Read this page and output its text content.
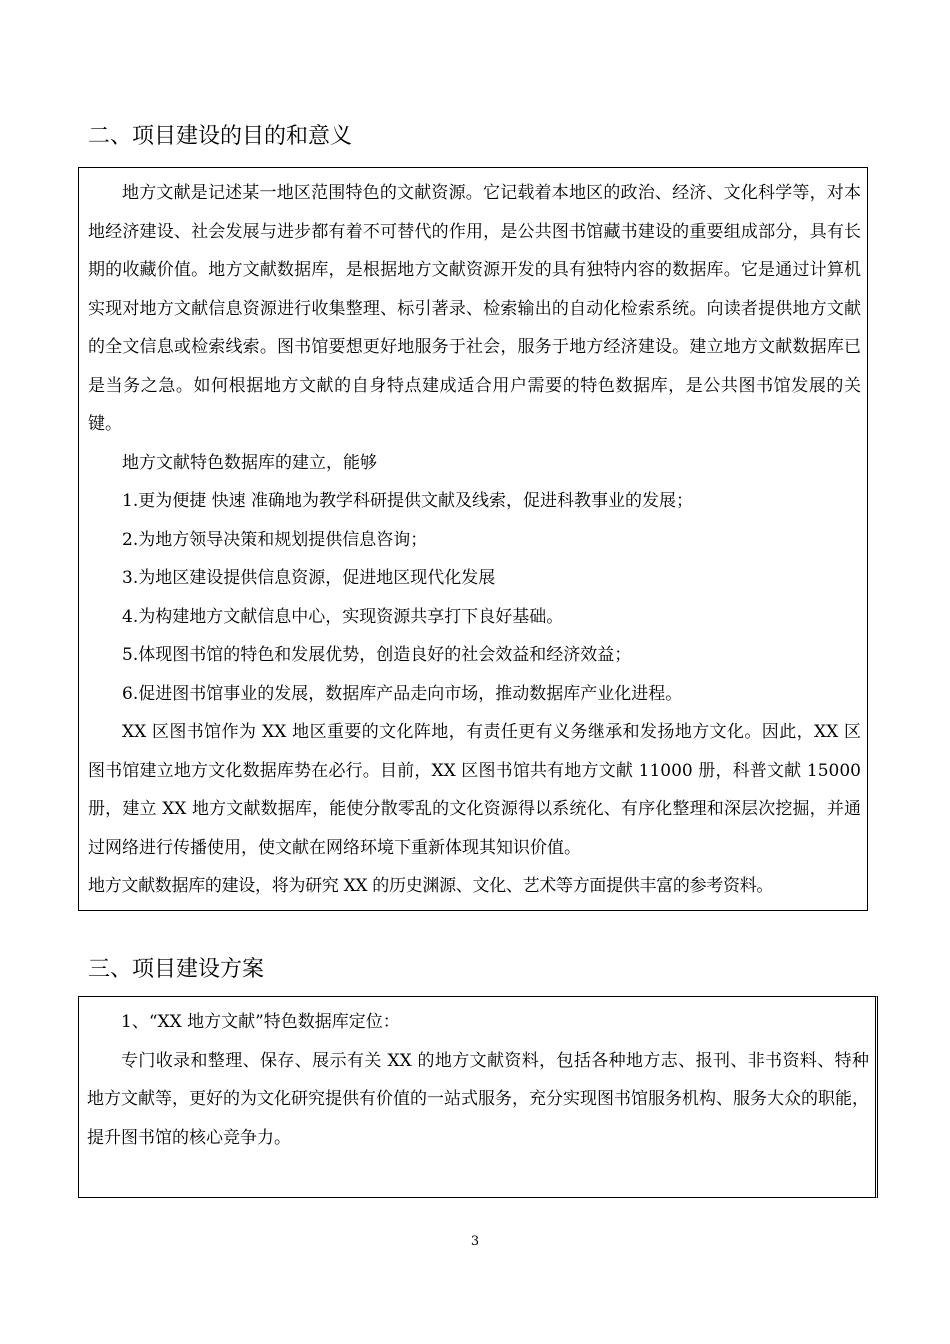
二、项目建设的目的和意义

地方文献是记述某一地区范围特色的文献资源。它记载着本地区的政治、经济、文化科学等，对本地经济建设、社会发展与进步都有着不可替代的作用，是公共图书馆藏书建设的重要组成部分，具有长期的收藏价值。地方文献数据库，是根据地方文献资源开发的具有独特内容的数据库。它是通过计算机实现对地方文献信息资源进行收集整理、标引著录、检索输出的自动化检索系统。向读者提供地方文献的全文信息或检索线索。图书馆要想更好地服务于社会，服务于地方经济建设。建立地方文献数据库已是当务之急。如何根据地方文献的自身特点建成适合用户需要的特色数据库，是公共图书馆发展的关键。

地方文献特色数据库的建立，能够

1.更为便捷 快速 准确地为教学科研提供文献及线索，促进科教事业的发展；

2.为地方领导决策和规划提供信息咨询；

3.为地区建设提供信息资源，促进地区现代化发展

4.为构建地方文献信息中心，实现资源共享打下良好基础。

5.体现图书馆的特色和发展优势，创造良好的社会效益和经济效益；

6.促进图书馆事业的发展，数据库产品走向市场，推动数据库产业化进程。

XX 区图书馆作为 XX 地区重要的文化阵地，有责任更有义务继承和发扬地方文化。因此，XX 区图书馆建立地方文化数据库势在必行。目前，XX 区图书馆共有地方文献 11000 册，科普文献 15000 册，建立 XX 地方文献数据库，能使分散零乱的文化资源得以系统化、有序化整理和深层次挖掘，并通过网络进行传播使用，使文献在网络环境下重新体现其知识价值。

地方文献数据库的建设，将为研究 XX 的历史渊源、文化、艺术等方面提供丰富的参考资料。

三、项目建设方案

1、“XX 地方文献”特色数据库定位：

专门收录和整理、保存、展示有关 XX 的地方文献资料，包括各种地方志、报刊、非书资料、特种地方文献等，更好的为文化研究提供有价值的一站式服务，充分实现图书馆服务机构、服务大众的职能，提升图书馆的核心竞争力。

3
